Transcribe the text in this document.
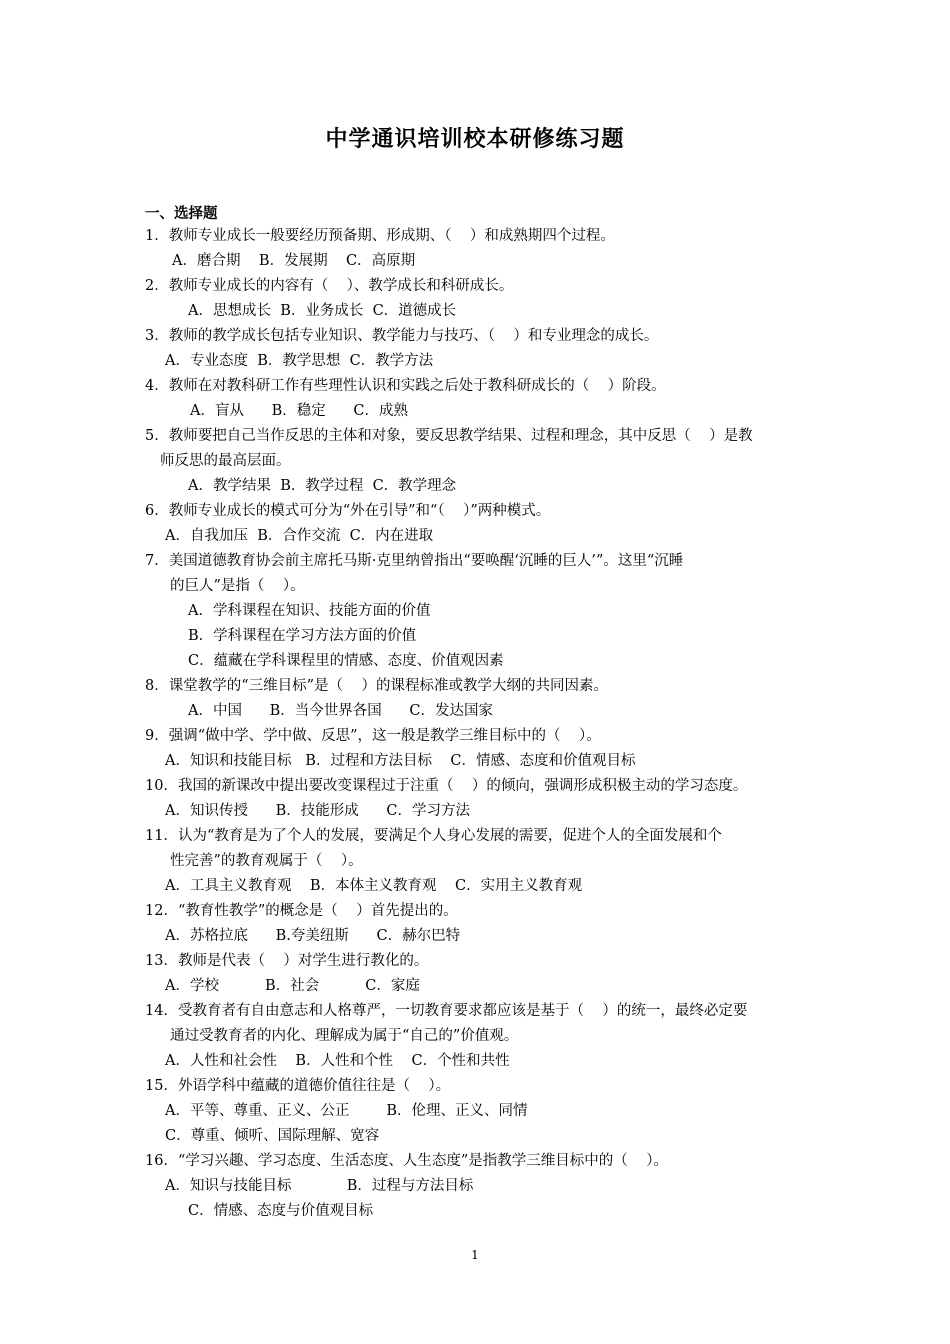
中学通识培训校本研修练习题
一、选择题
1．教师专业成长一般要经历预备期、形成期、（    ）和成熟期四个过程。
A．磨合期    B．发展期    C．高原期
2．教师专业成长的内容有（    ）、教学成长和科研成长。
A．思想成长  B．业务成长  C．道德成长
3．教师的教学成长包括专业知识、教学能力与技巧、（    ）和专业理念的成长。
A．专业态度  B．教学思想  C．教学方法
4．教师在对教科研工作有些理性认识和实践之后处于教科研成长的（    ）阶段。
A．盲从      B．稳定      C．成熟
5．教师要把自己当作反思的主体和对象，要反思教学结果、过程和理念，其中反思（    ）是教
师反思的最高层面。
A．教学结果  B．教学过程  C．教学理念
6．教师专业成长的模式可分为“外在引导”和“（    ）”两种模式。
A．自我加压  B．合作交流  C．内在进取
7．美国道德教育协会前主席托马斯·克里纳曾指出“要唤醒‘沉睡的巨人’”。这里“沉睡
的巨人”是指（    ）。
A．学科课程在知识、技能方面的价值
B．学科课程在学习方法方面的价值
C．蕴藏在学科课程里的情感、态度、价值观因素
8．课堂教学的“三维目标”是（    ）的课程标准或教学大纲的共同因素。
A．中国      B．当今世界各国      C．发达国家
9．强调“做中学、学中做、反思”，这一般是教学三维目标中的（    ）。
A．知识和技能目标   B．过程和方法目标    C．情感、态度和价值观目标
10．我国的新课改中提出要改变课程过于注重（    ）的倾向，强调形成积极主动的学习态度。
A．知识传授      B．技能形成      C．学习方法
11．认为“教育是为了个人的发展，要满足个人身心发展的需要，促进个人的全面发展和个
性完善”的教育观属于（    ）。
A．工具主义教育观    B．本体主义教育观    C．实用主义教育观
12．“教育性教学”的概念是（    ）首先提出的。
A．苏格拉底      B.夸美纽斯      C．赫尔巴特
13．教师是代表（    ）对学生进行教化的。
A．学校          B．社会          C．家庭
14．受教育者有自由意志和人格尊严，一切教育要求都应该是基于（    ）的统一，最终必定要
通过受教育者的内化、理解成为属于“自己的”价值观。
A．人性和社会性    B．人性和个性    C．个性和共性
15．外语学科中蕴藏的道德价值往往是（    ）。
A．平等、尊重、正义、公正        B．伦理、正义、同情
C．尊重、倾听、国际理解、宽容
16．“学习兴趣、学习态度、生活态度、人生态度”是指教学三维目标中的（    ）。
A．知识与技能目标            B．过程与方法目标
C．情感、态度与价值观目标
1
